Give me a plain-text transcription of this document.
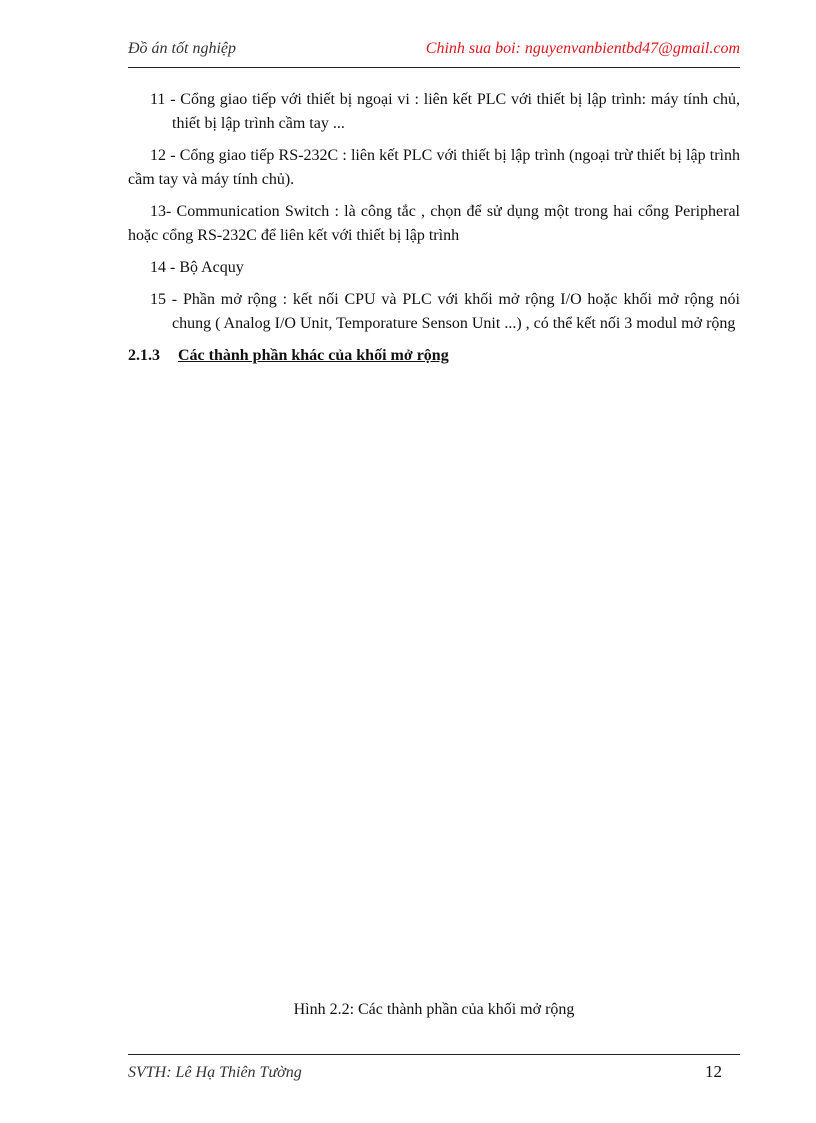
Đồ án tốt nghiệp	Chinh sua boi: nguyenvanbientbd47@gmail.com

11 - Cổng giao tiếp với thiết bị ngoại vi : liên kết PLC với thiết bị lập trình: máy tính chủ, thiết bị lập trình cầm tay ...

12 - Cổng giao tiếp RS-232C : liên kết PLC với thiết bị lập trình (ngoại trừ thiết bị lập trình cầm tay và máy tính chủ).

13- Communication Switch : là công tắc , chọn để sử dụng một trong hai cổng Peripheral hoặc cổng RS-232C để liên kết với thiết bị lập trình

14 - Bộ Acquy

15 - Phần mở rộng : kết nối CPU và PLC với khối mở rộng I/O hoặc khối mở rộng nói chung ( Analog I/O Unit, Temporature Senson Unit ...) , có thể kết nối 3 modul mở rộng

2.1.3 Các thành phần khác của khối mở rộng

Hình 2.2: Các thành phần của khối mở rộng
SVTH: Lê Hạ Thiên Tường	12
